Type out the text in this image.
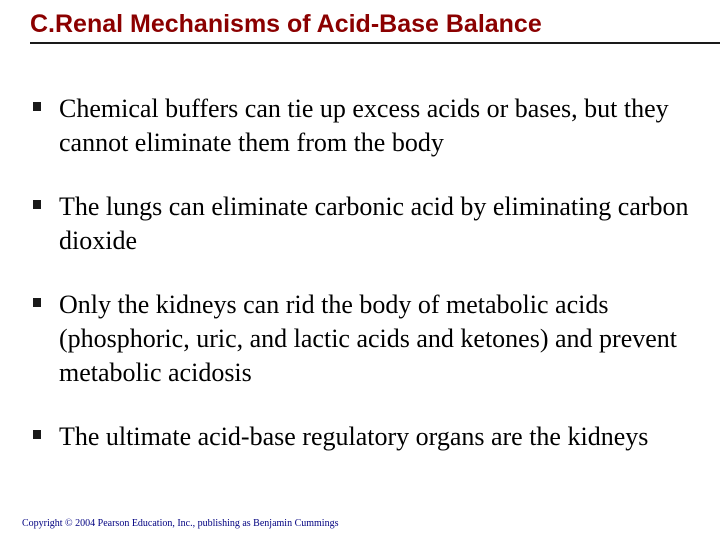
C.Renal Mechanisms of Acid-Base Balance
Chemical buffers can tie up excess acids or bases, but they cannot eliminate them from the body
The lungs can eliminate carbonic acid by eliminating carbon dioxide
Only the kidneys can rid the body of metabolic acids (phosphoric, uric, and lactic acids and ketones) and prevent metabolic acidosis
The ultimate acid-base regulatory organs are the kidneys
Copyright © 2004 Pearson Education, Inc., publishing as Benjamin Cummings
